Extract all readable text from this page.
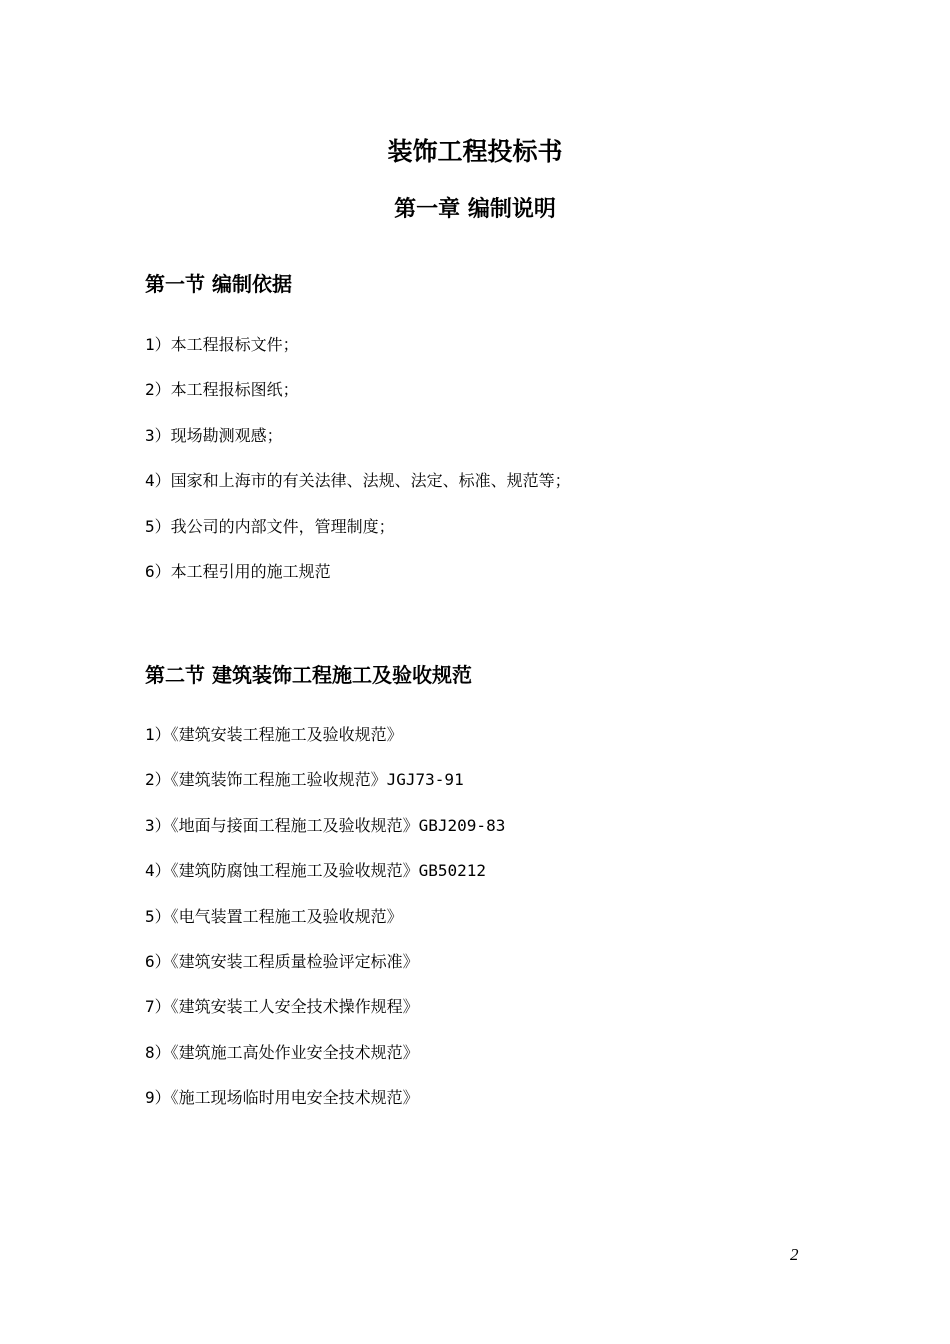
装饰工程投标书
第一章 编制说明
第一节 编制依据
1）本工程报标文件；
2）本工程报标图纸；
3）现场勘测观感；
4）国家和上海市的有关法律、法规、法定、标准、规范等；
5）我公司的内部文件，管理制度；
6）本工程引用的施工规范
第二节 建筑装饰工程施工及验收规范
1）《建筑安装工程施工及验收规范》
2）《建筑装饰工程施工验收规范》JGJ73-91
3）《地面与接面工程施工及验收规范》GBJ209-83
4）《建筑防腐蚀工程施工及验收规范》GB50212
5）《电气装置工程施工及验收规范》
6）《建筑安装工程质量检验评定标准》
7）《建筑安装工人安全技术操作规程》
8）《建筑施工高处作业安全技术规范》
9）《施工现场临时用电安全技术规范》
2
